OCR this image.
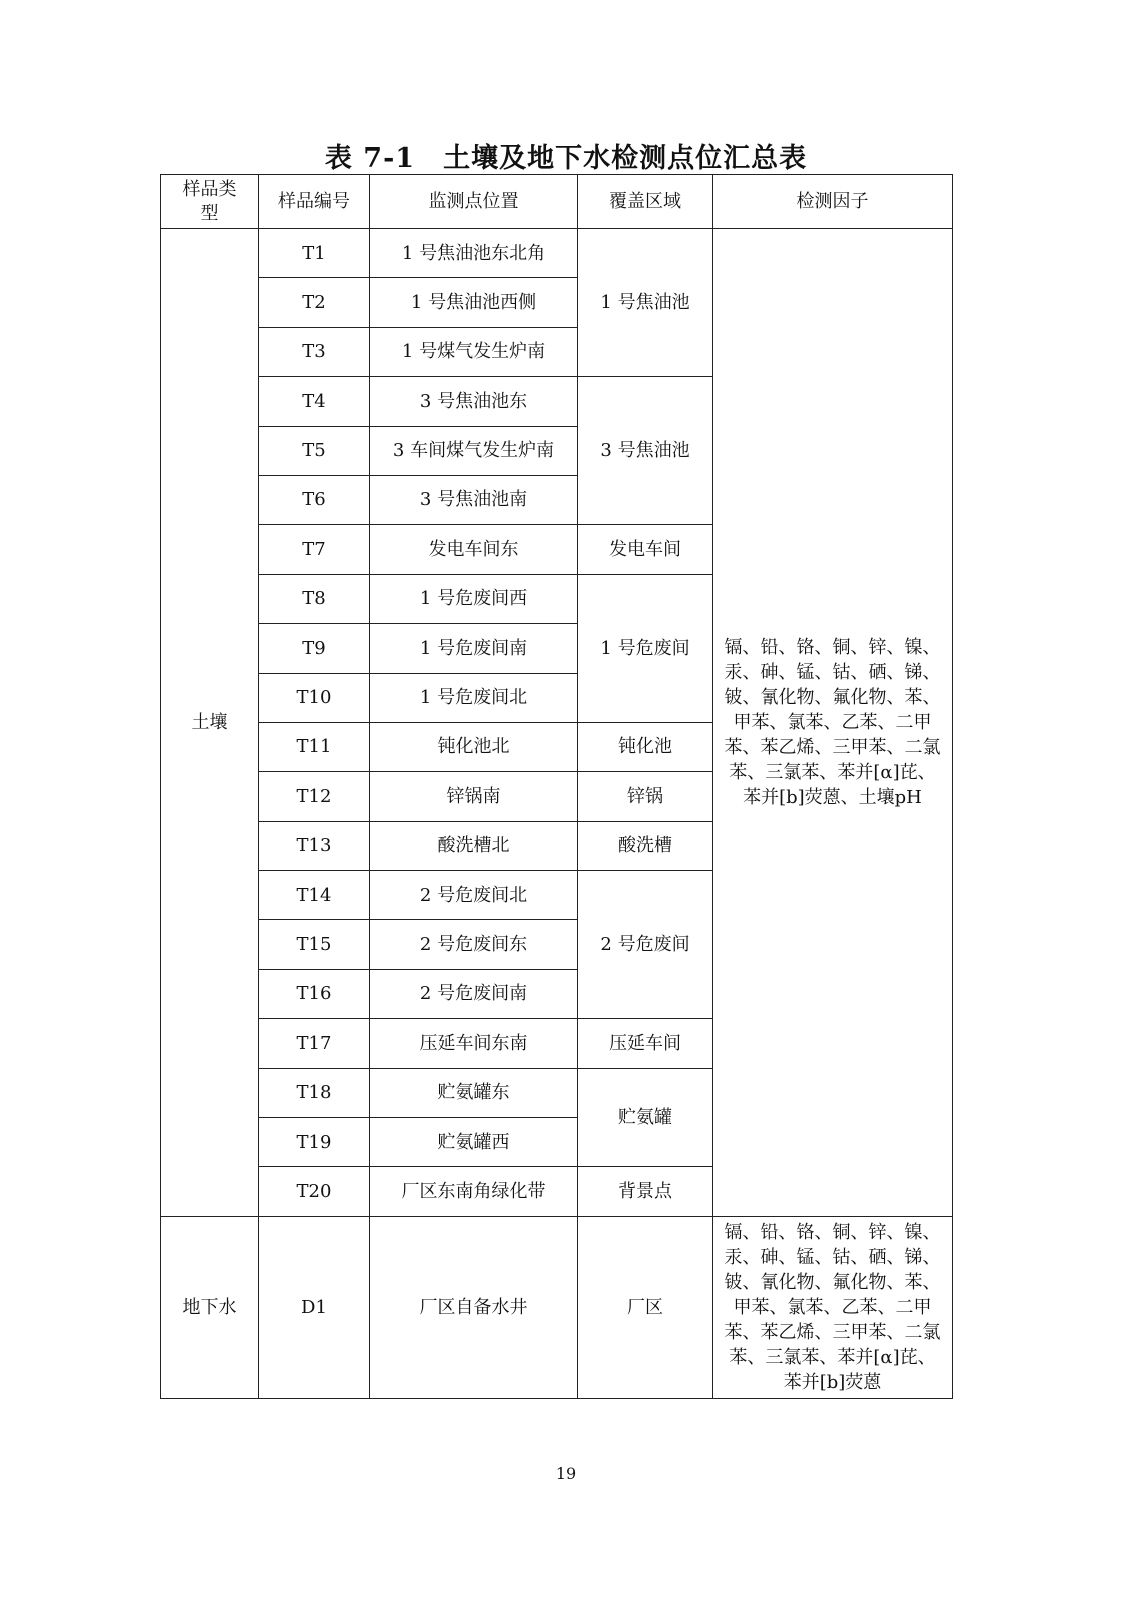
表 7-1　土壤及地下水检测点位汇总表
样品类型	样品编号	监测点位置	覆盖区域	检测因子
土壤	T1	1 号焦油池东北角	1 号焦油池	镉、铅、铬、铜、锌、镍、汞、砷、锰、钴、硒、锑、铍、氰化物、氟化物、苯、甲苯、氯苯、乙苯、二甲苯、苯乙烯、三甲苯、二氯苯、三氯苯、苯并[α]芘、苯并[b]荧蒽、土壤pH
	T2	1 号焦油池西侧		
	T3	1 号煤气发生炉南		
	T4	3 号焦油池东	3 号焦油池	
	T5	3 车间煤气发生炉南		
	T6	3 号焦油池南		
	T7	发电车间东	发电车间	
	T8	1 号危废间西	1 号危废间	
	T9	1 号危废间南		
	T10	1 号危废间北		
	T11	钝化池北	钝化池	
	T12	锌锅南	锌锅	
	T13	酸洗槽北	酸洗槽	
	T14	2 号危废间北	2 号危废间	
	T15	2 号危废间东		
	T16	2 号危废间南		
	T17	压延车间东南	压延车间	
	T18	贮氨罐东	贮氨罐	
	T19	贮氨罐西		
	T20	厂区东南角绿化带	背景点	
地下水	D1	厂区自备水井	厂区	镉、铅、铬、铜、锌、镍、汞、砷、锰、钴、硒、锑、铍、氰化物、氟化物、苯、甲苯、氯苯、乙苯、二甲苯、苯乙烯、三甲苯、二氯苯、三氯苯、苯并[α]芘、苯并[b]荧蒽
19
